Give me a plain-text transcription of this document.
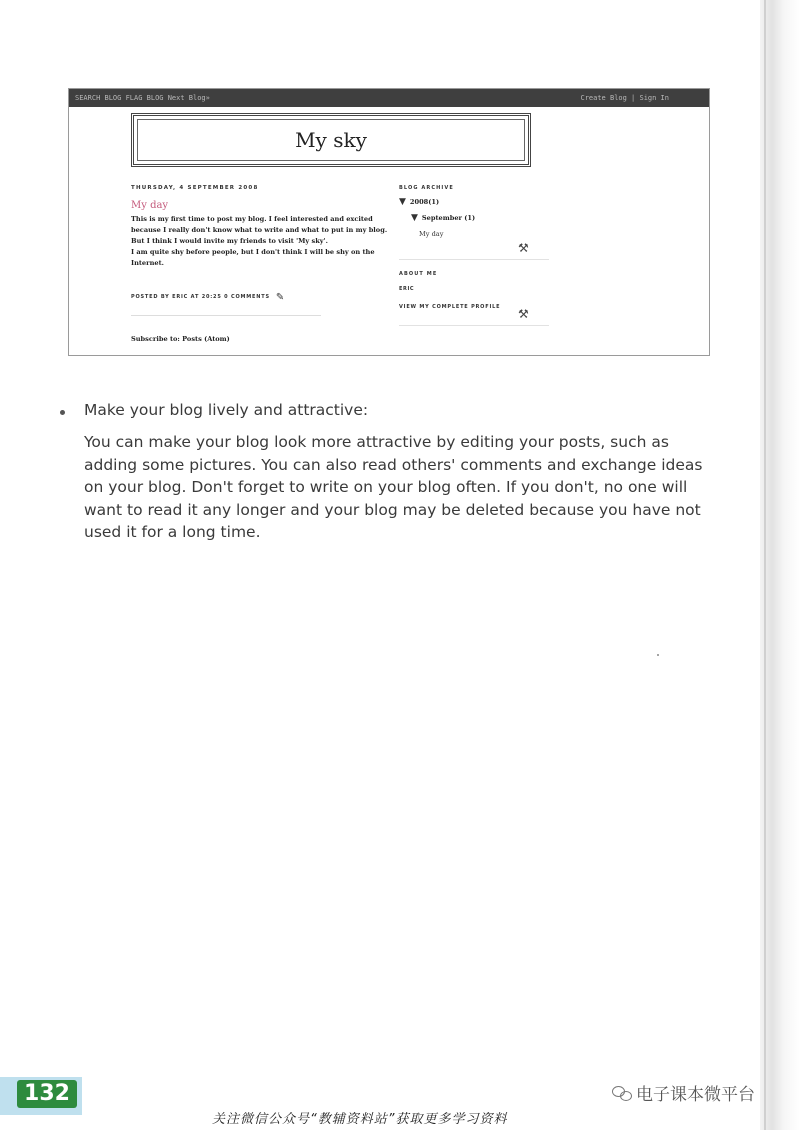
SEARCH BLOG FLAG BLOG Next Blog»	Create Blog | Sign In
My sky
THURSDAY, 4 SEPTEMBER 2008
My day
This is my first time to post my blog. I feel interested and excited
because I really don't know what to write and what to put in my blog.
But I think I would invite my friends to visit 'My sky'.
I am quite shy before people, but I don't think I will be shy on the
Internet.
POSTED BY ERIC AT 20:25 0 COMMENTS ✎
Subscribe to: Posts (Atom)
BLOG ARCHIVE
▼ 2008(1)
▼ September (1)
My day
⚒
ABOUT ME
ERIC
VIEW MY COMPLETE PROFILE ⚒
Make your blog lively and attractive:
You can make your blog look more attractive by editing your posts, such as
adding some pictures. You can also read others' comments and exchange ideas
on your blog. Don't forget to write on your blog often. If you don't, no one will
want to read it any longer and your blog may be deleted because you have not
used it for a long time.
132	电子课本微平台
关注微信公众号“教辅资料站”获取更多学习资料
